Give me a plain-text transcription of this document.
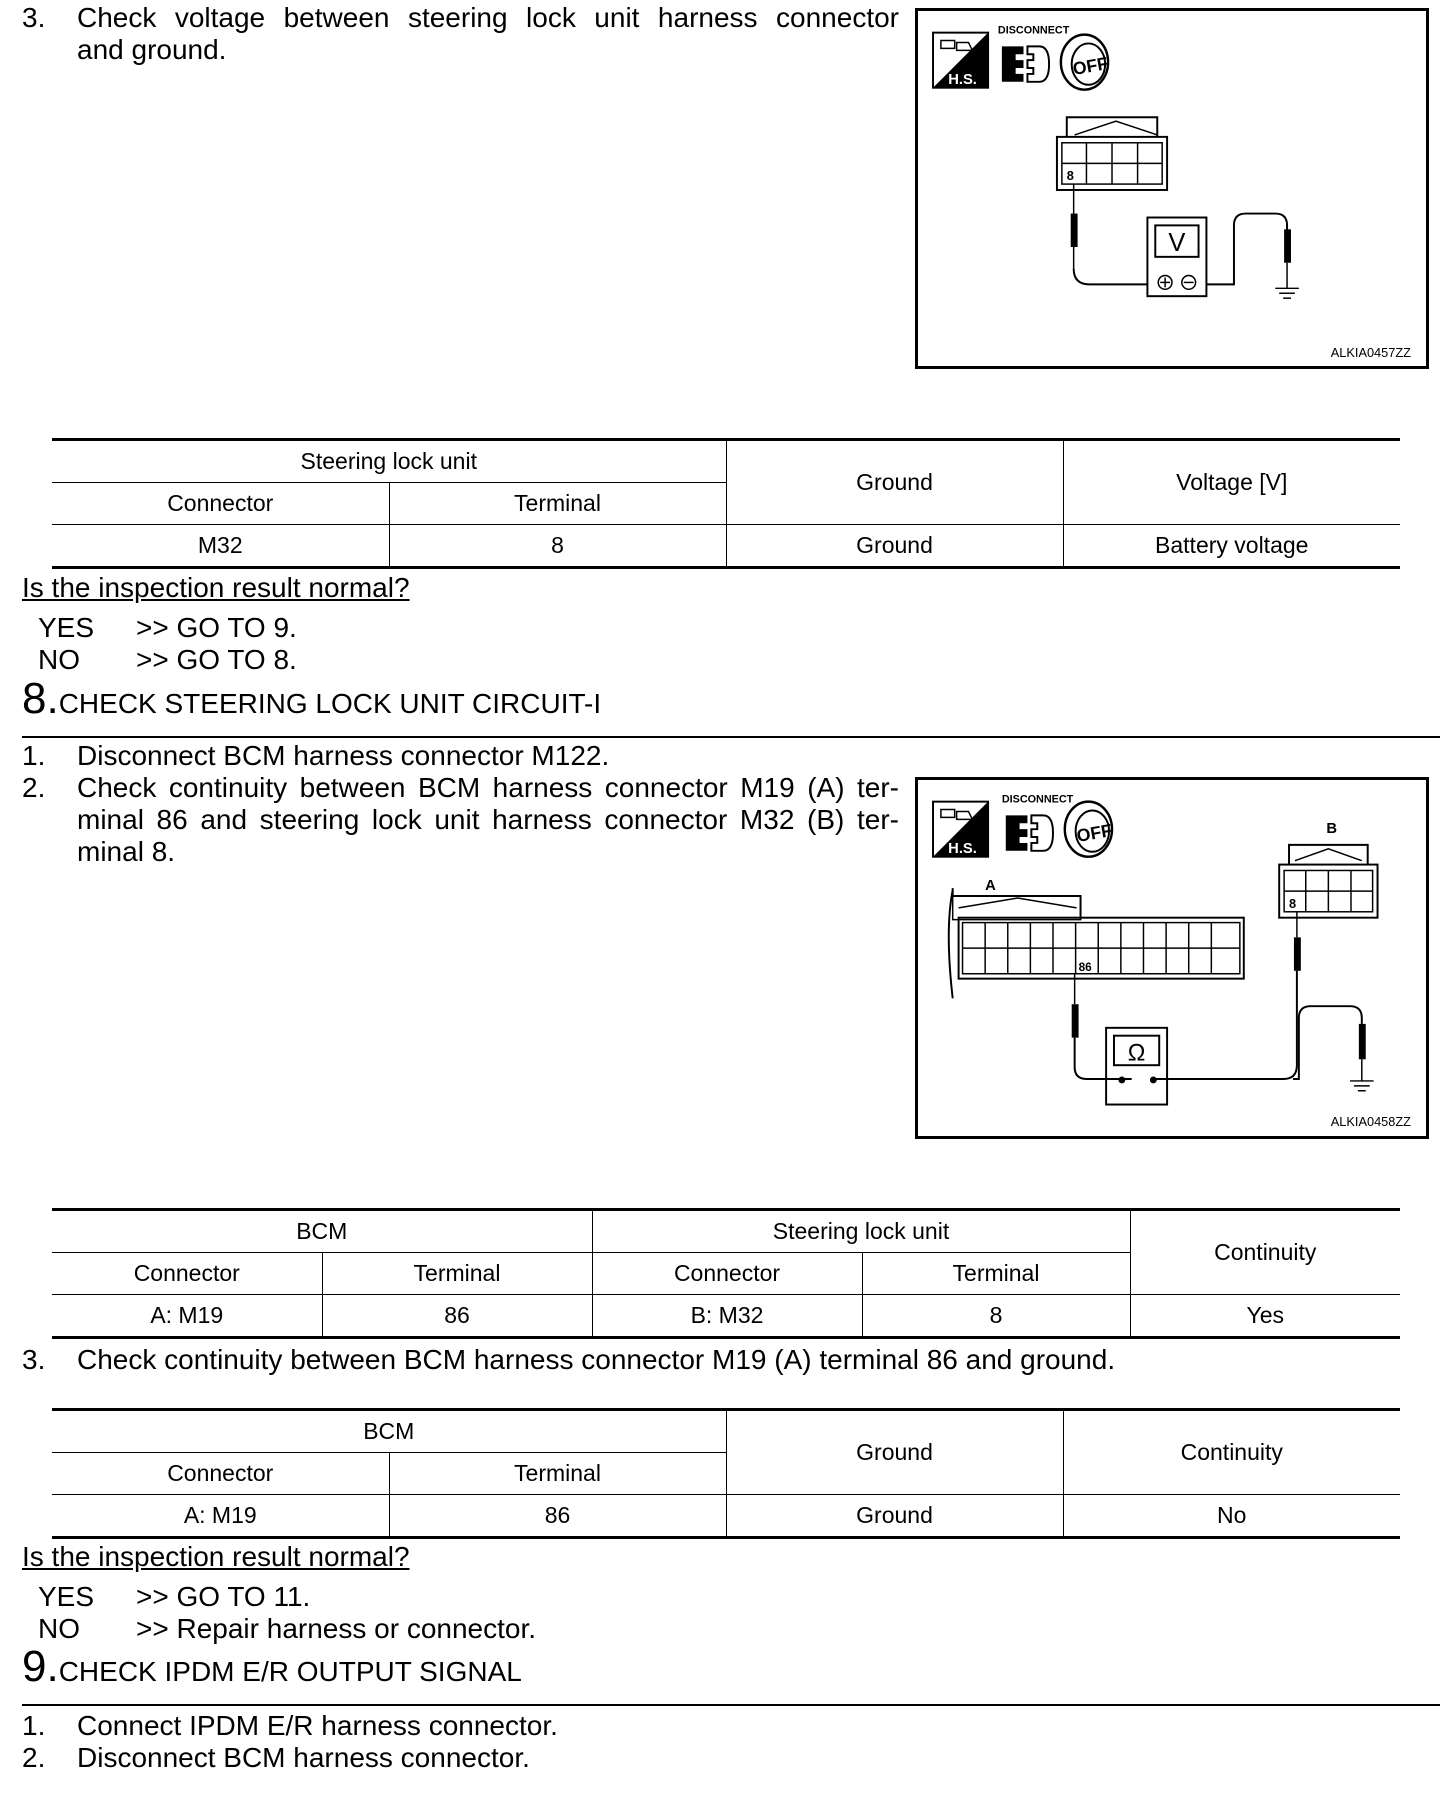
3. Check voltage between steering lock unit harness connector
and ground.
H.S.
DISCONNECT
OFF
8
V
ALKIA0457ZZ
Steering lock unit		Ground	Voltage [V]
Connector	Terminal		
M32	8	Ground	Battery voltage
Is the inspection result normal?
YES >> GO TO 9.
NO >> GO TO 8.
8.CHECK STEERING LOCK UNIT CIRCUIT-I
1. Disconnect BCM harness connector M122.
2. Check continuity between BCM harness connector M19 (A) ter-
minal 86 and steering lock unit harness connector M32 (B) ter-
minal 8.	H.S.
DISCONNECT
OFF
A
B
86
8
Ω
ALKIA0458ZZ
BCM		Steering lock unit		Continuity
Connector	Terminal	Connector	Terminal	
A: M19	86	B: M32	8	Yes
3. Check continuity between BCM harness connector M19 (A) terminal 86 and ground.
BCM		Ground	Continuity
Connector	Terminal		
A: M19	86	Ground	No
Is the inspection result normal?
YES >> GO TO 11.
NO >> Repair harness or connector.
9.CHECK IPDM E/R OUTPUT SIGNAL
1. Connect IPDM E/R harness connector.
2. Disconnect BCM harness connector.
